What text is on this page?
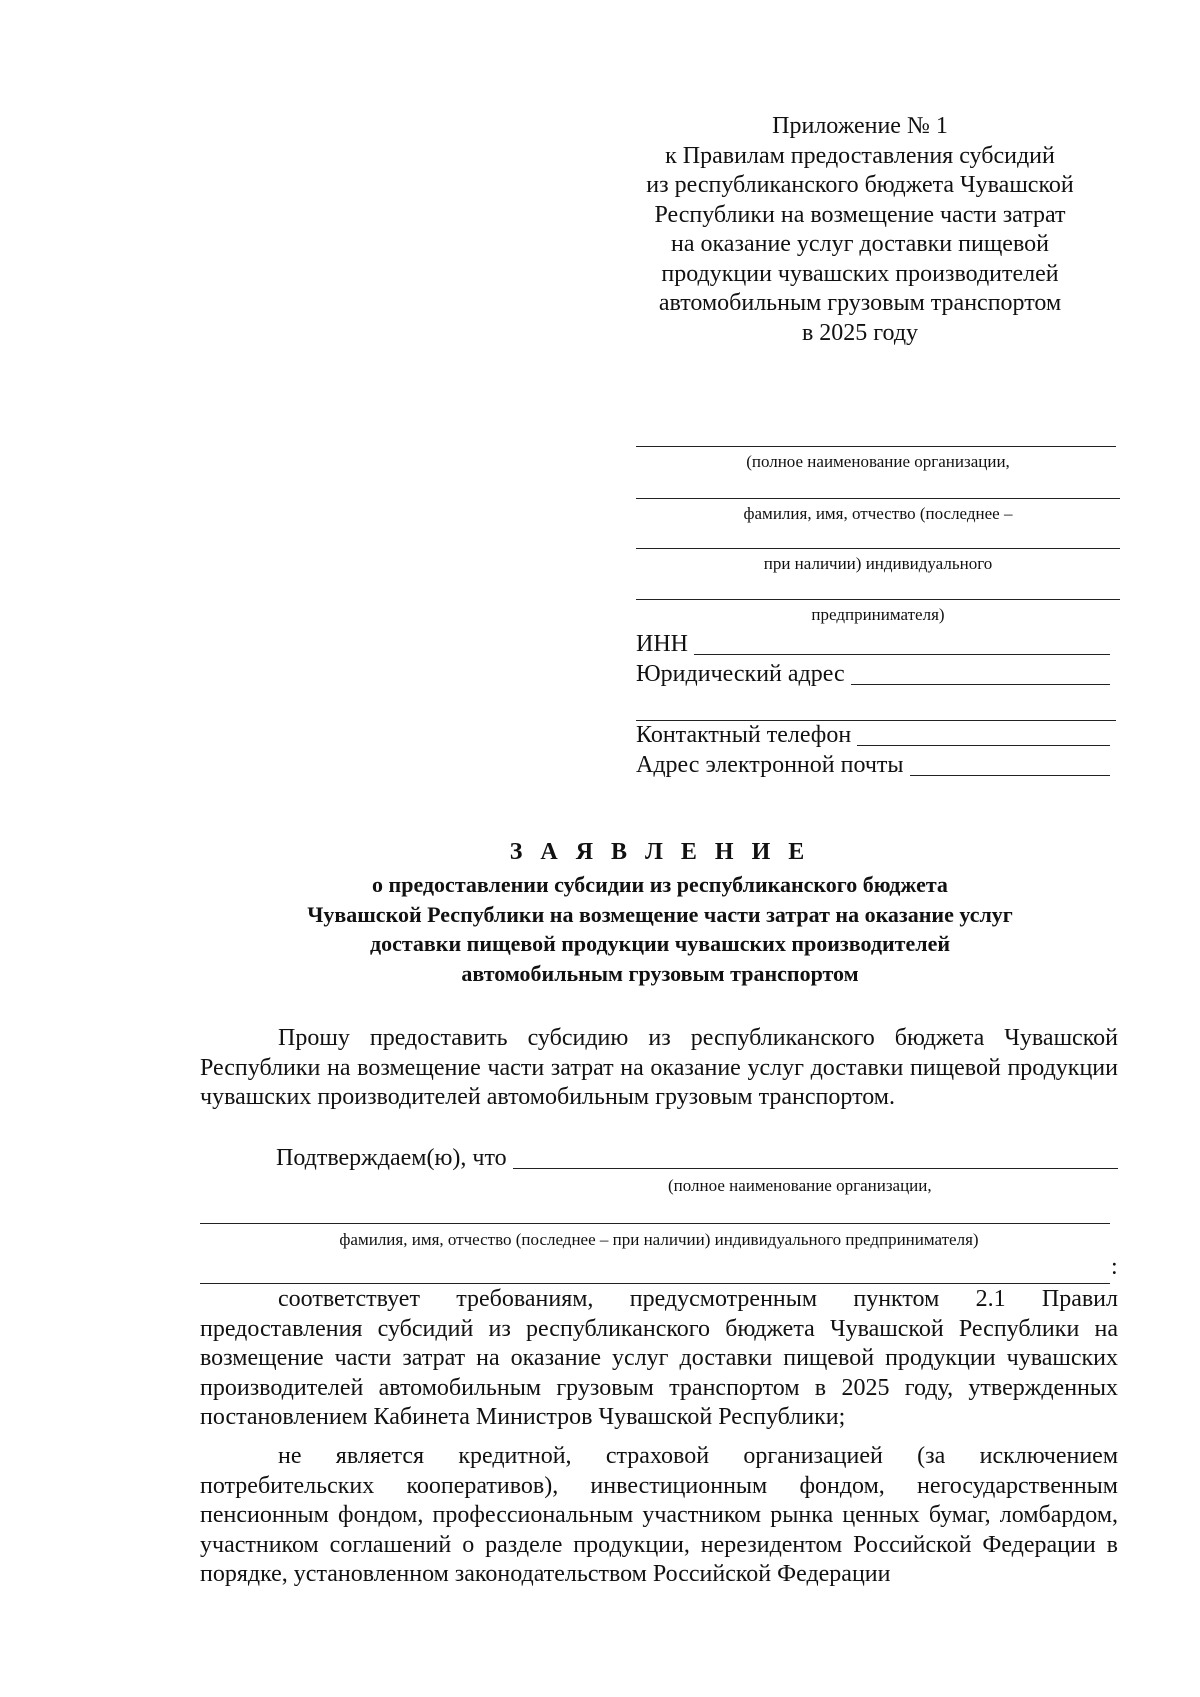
Приложение № 1
к Правилам предоставления субсидий
из республиканского бюджета Чувашской
Республики на возмещение части затрат
на оказание услуг доставки пищевой
продукции чувашских производителей
автомобильным грузовым транспортом
в 2025 году
(полное наименование организации,
фамилия, имя, отчество (последнее –
при наличии) индивидуального
предпринимателя)
ИНН
Юридический адрес
Контактный телефон
Адрес электронной почты
З А Я В Л Е Н И Е
о предоставлении субсидии из республиканского бюджета
Чувашской Республики на возмещение части затрат на оказание услуг
доставки пищевой продукции чувашских производителей
автомобильным грузовым транспортом

Прошу предоставить субсидию из республиканского бюджета Чувашской Республики на возмещение части затрат на оказание услуг доставки пищевой продукции чувашских производителей автомобильным грузовым транспортом.

Подтверждаем(ю), что
(полное наименование организации,
фамилия, имя, отчество (последнее – при наличии) индивидуального предпринимателя)
:

соответствует требованиям, предусмотренным пунктом 2.1 Правил предоставления субсидий из республиканского бюджета Чувашской Республики на возмещение части затрат на оказание услуг доставки пищевой продукции чувашских производителей автомобильным грузовым транспортом в 2025 году, утвержденных постановлением Кабинета Министров Чувашской Республики;

не является кредитной, страховой организацией (за исключением потребительских кооперативов), инвестиционным фондом, негосударственным пенсионным фондом, профессиональным участником рынка ценных бумаг, ломбардом, участником соглашений о разделе продукции, нерезидентом Российской Федерации в порядке, установленном законодательством Российской Федерации
